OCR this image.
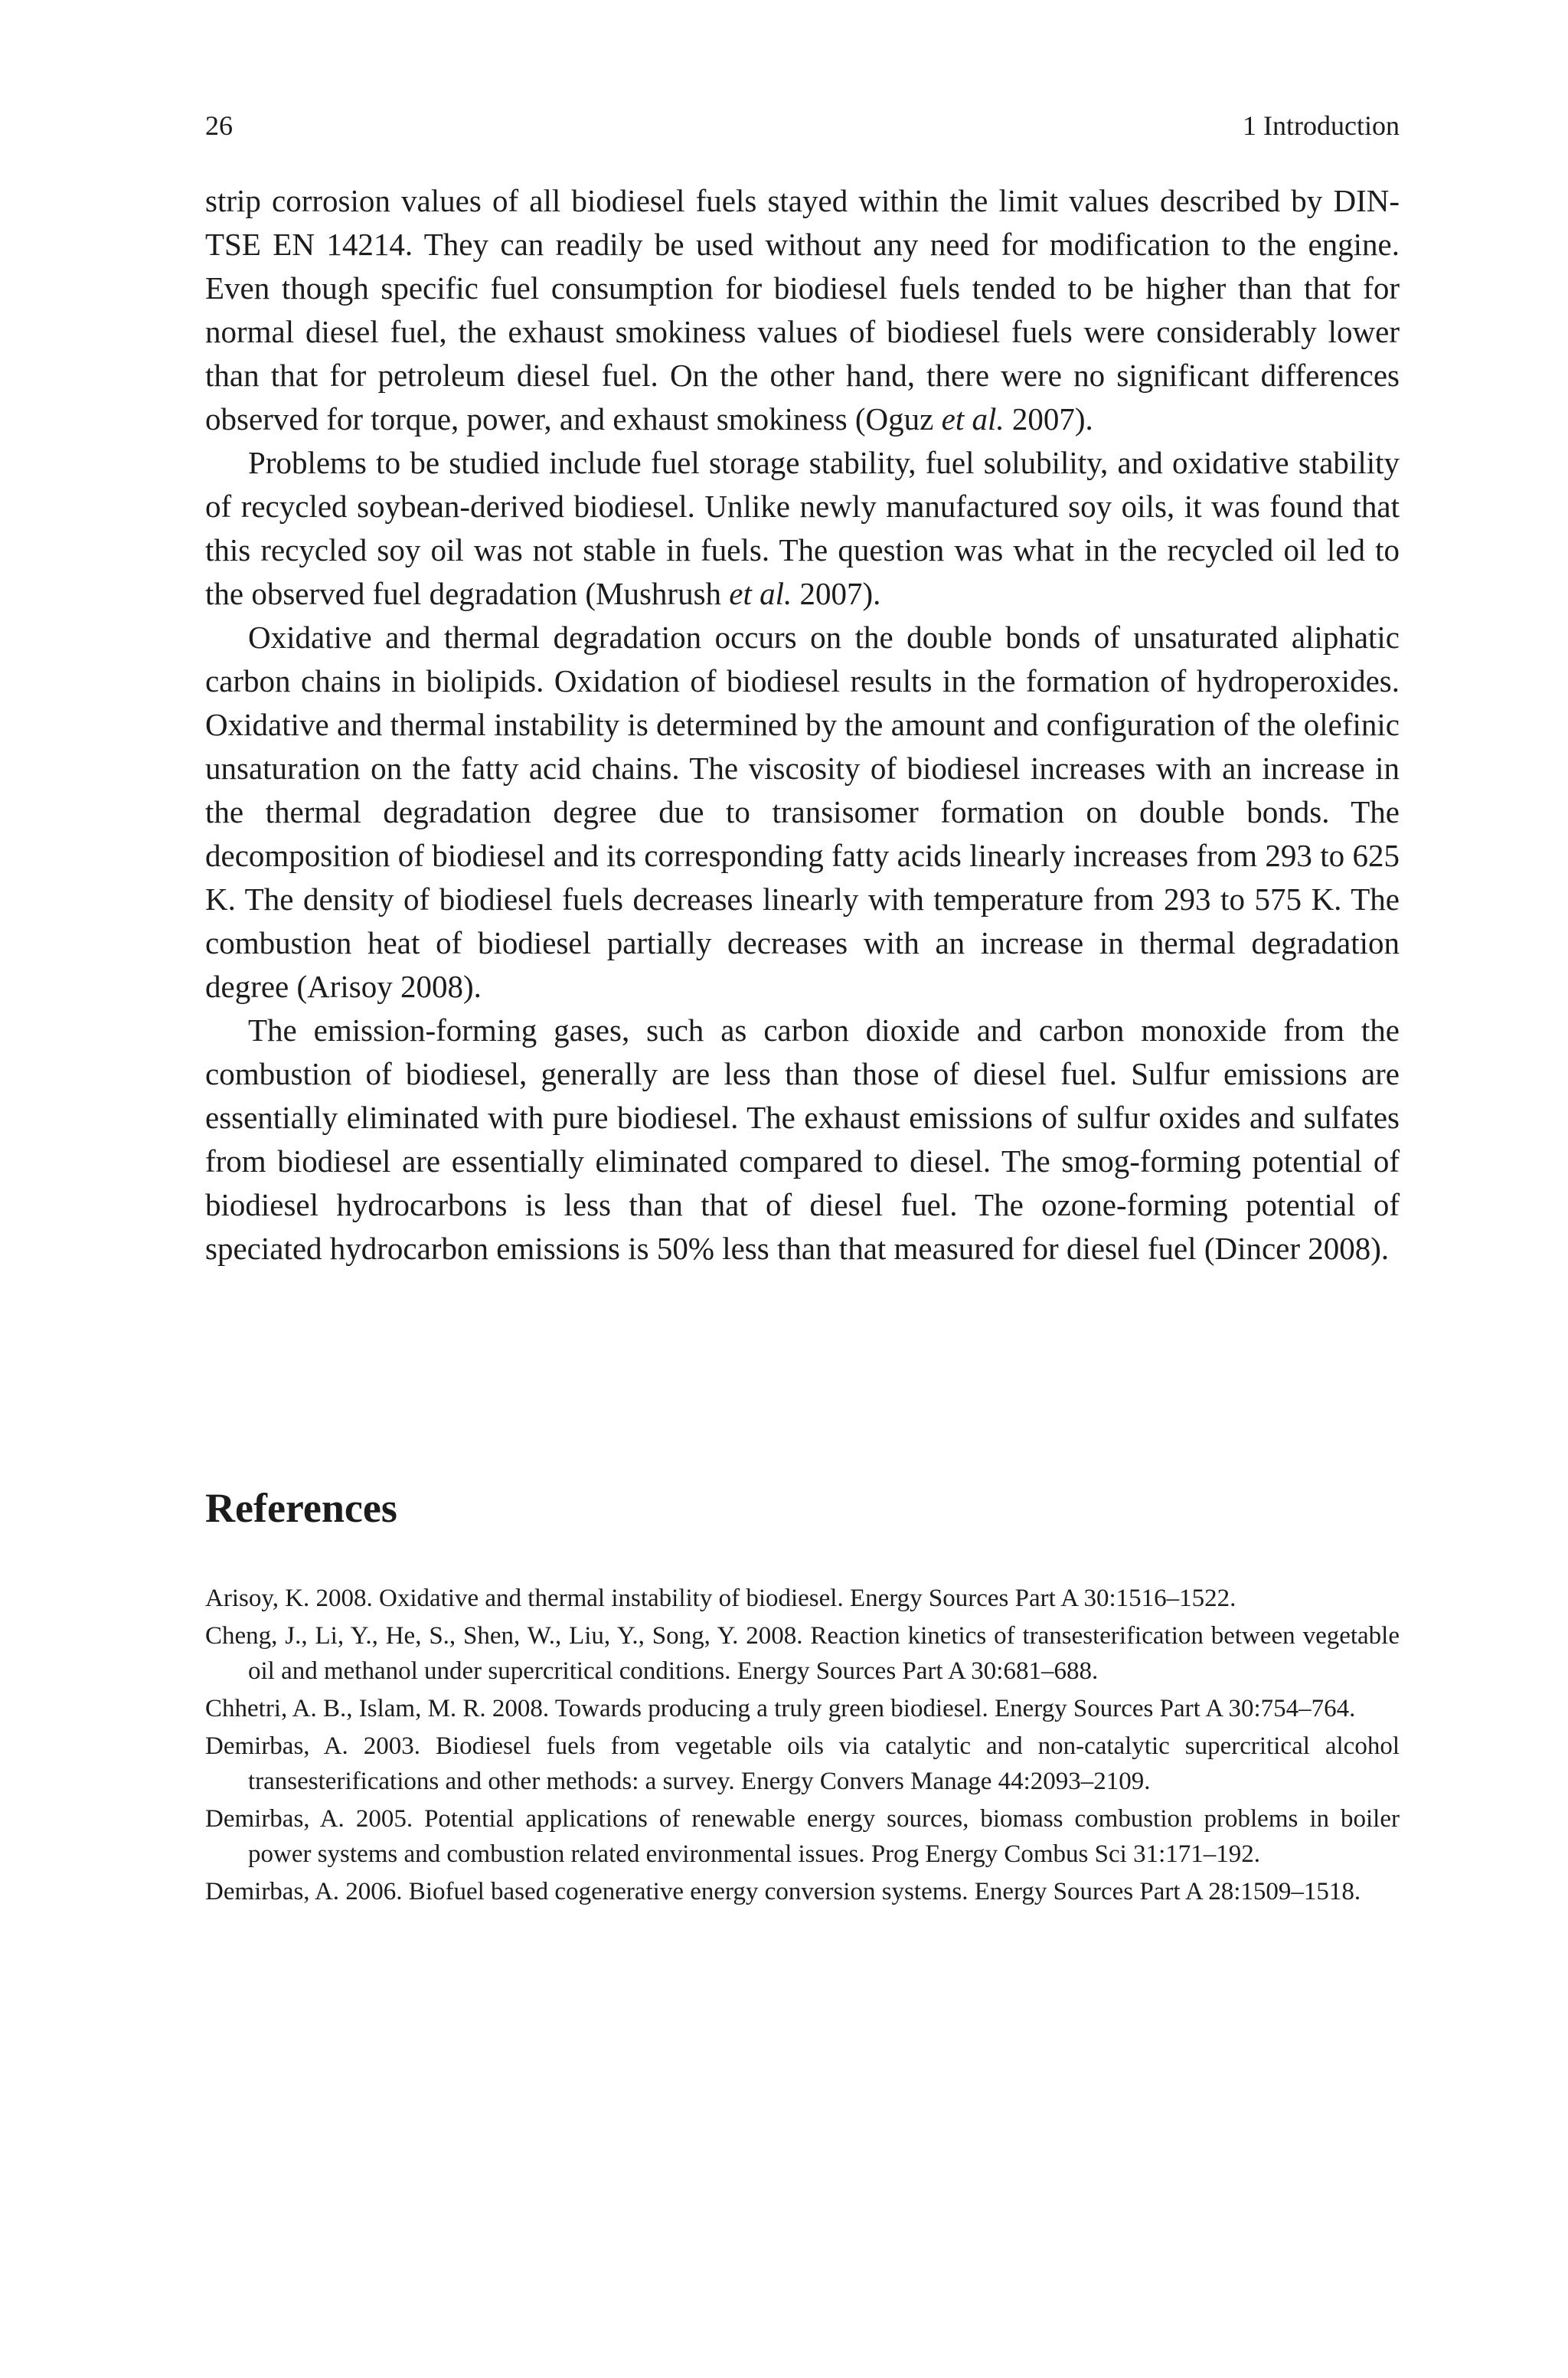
26	1 Introduction

strip corrosion values of all biodiesel fuels stayed within the limit values described by DIN-TSE EN 14214. They can readily be used without any need for modification to the engine. Even though specific fuel consumption for biodiesel fuels tended to be higher than that for normal diesel fuel, the exhaust smokiness values of biodiesel fuels were considerably lower than that for petroleum diesel fuel. On the other hand, there were no significant differences observed for torque, power, and exhaust smokiness (Oguz et al. 2007).

Problems to be studied include fuel storage stability, fuel solubility, and oxidative stability of recycled soybean-derived biodiesel. Unlike newly manufactured soy oils, it was found that this recycled soy oil was not stable in fuels. The question was what in the recycled oil led to the observed fuel degradation (Mushrush et al. 2007).

Oxidative and thermal degradation occurs on the double bonds of unsaturated aliphatic carbon chains in biolipids. Oxidation of biodiesel results in the formation of hydroperoxides. Oxidative and thermal instability is determined by the amount and configuration of the olefinic unsaturation on the fatty acid chains. The viscosity of biodiesel increases with an increase in the thermal degradation degree due to transisomer formation on double bonds. The decomposition of biodiesel and its corresponding fatty acids linearly increases from 293 to 625 K. The density of biodiesel fuels decreases linearly with temperature from 293 to 575 K. The combustion heat of biodiesel partially decreases with an increase in thermal degradation degree (Arisoy 2008).

The emission-forming gases, such as carbon dioxide and carbon monoxide from the combustion of biodiesel, generally are less than those of diesel fuel. Sulfur emissions are essentially eliminated with pure biodiesel. The exhaust emissions of sulfur oxides and sulfates from biodiesel are essentially eliminated compared to diesel. The smog-forming potential of biodiesel hydrocarbons is less than that of diesel fuel. The ozone-forming potential of speciated hydrocarbon emissions is 50% less than that measured for diesel fuel (Dincer 2008).

References
Arisoy, K. 2008. Oxidative and thermal instability of biodiesel. Energy Sources Part A 30:1516–1522.
Cheng, J., Li, Y., He, S., Shen, W., Liu, Y., Song, Y. 2008. Reaction kinetics of transesterification between vegetable oil and methanol under supercritical conditions. Energy Sources Part A 30:681–688.
Chhetri, A. B., Islam, M. R. 2008. Towards producing a truly green biodiesel. Energy Sources Part A 30:754–764.
Demirbas, A. 2003. Biodiesel fuels from vegetable oils via catalytic and non-catalytic supercritical alcohol transesterifications and other methods: a survey. Energy Convers Manage 44:2093–2109.
Demirbas, A. 2005. Potential applications of renewable energy sources, biomass combustion problems in boiler power systems and combustion related environmental issues. Prog Energy Combus Sci 31:171–192.
Demirbas, A. 2006. Biofuel based cogenerative energy conversion systems. Energy Sources Part A 28:1509–1518.
